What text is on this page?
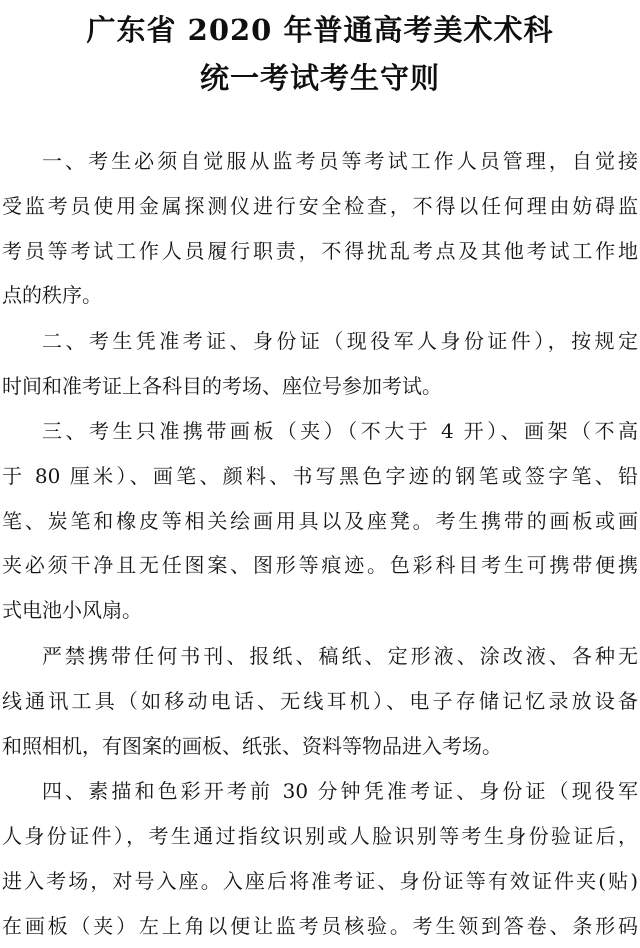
广东省 2020 年普通高考美术术科
统一考试考生守则
一、考生必须自觉服从监考员等考试工作人员管理，自觉接
受监考员使用金属探测仪进行安全检查，不得以任何理由妨碍监
考员等考试工作人员履行职责，不得扰乱考点及其他考试工作地
点的秩序。
二、考生凭准考证、身份证（现役军人身份证件），按规定
时间和准考证上各科目的考场、座位号参加考试。
三、考生只准携带画板（夹）（不大于 4 开）、画架（不高
于 80 厘米）、画笔、颜料、书写黑色字迹的钢笔或签字笔、铅
笔、炭笔和橡皮等相关绘画用具以及座凳。考生携带的画板或画
夹必须干净且无任图案、图形等痕迹。色彩科目考生可携带便携
式电池小风扇。
严禁携带任何书刊、报纸、稿纸、定形液、涂改液、各种无
线通讯工具（如移动电话、无线耳机）、电子存储记忆录放设备
和照相机，有图案的画板、纸张、资料等物品进入考场。
四、素描和色彩开考前 30 分钟凭准考证、身份证（现役军
人身份证件），考生通过指纹识别或人脸识别等考生身份验证后，
进入考场，对号入座。入座后将准考证、身份证等有效证件夹(贴)
在画板（夹）左上角以便让监考员核验。考生领到答卷、条形码
